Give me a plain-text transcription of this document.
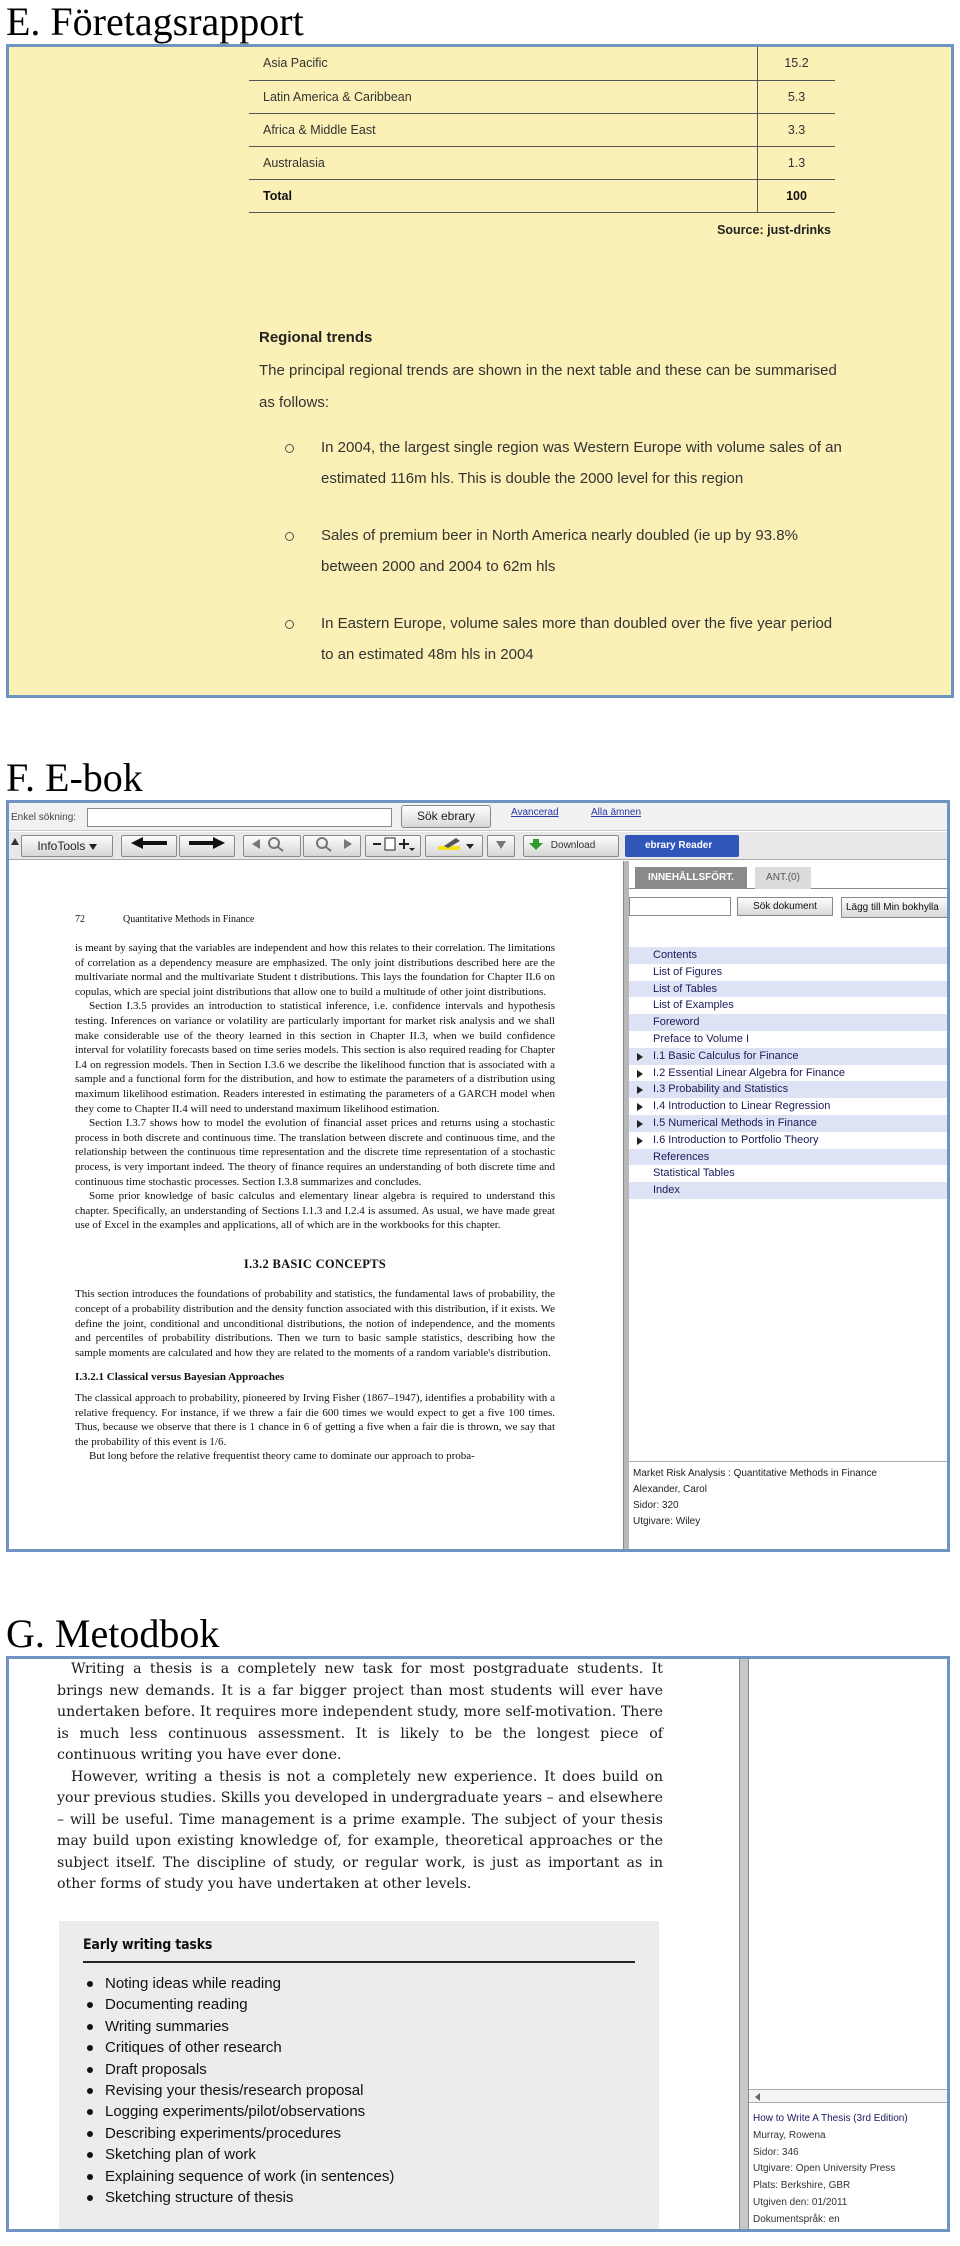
E. Företagsrapport
Asia Pacific	15.2
Latin America & Caribbean	5.3
Africa & Middle East	3.3
Australasia	1.3
Total	100
Source: just-drinks
Regional trends
The principal regional trends are shown in the next table and these can be summarised as follows:
In 2004, the largest single region was Western Europe with volume sales of an estimated 116m hls. This is double the 2000 level for this region
Sales of premium beer in North America nearly doubled (ie up by 93.8% between 2000 and 2004 to 62m hls
In Eastern Europe, volume sales more than doubled over the five year period to an estimated 48m hls in 2004
F. E-bok
Enkel sökning:	Sök ebrary	Avancerad	Alla ämnen
InfoTools	Download	ebrary Reader
72	Quantitative Methods in Finance

is meant by saying that the variables are independent and how this relates to their correlation. The limitations of correlation as a dependency measure are emphasized. The only joint distributions described here are the multivariate normal and the multivariate Student t distributions. This lays the foundation for Chapter II.6 on copulas, which are special joint distributions that allow one to build a multitude of other joint distributions.

Section I.3.5 provides an introduction to statistical inference, i.e. confidence intervals and hypothesis testing. Inferences on variance or volatility are particularly important for market risk analysis and we shall make considerable use of the theory learned in this section in Chapter II.3, when we build confidence interval for volatility forecasts based on time series models. This section is also required reading for Chapter I.4 on regression models. Then in Section I.3.6 we describe the likelihood function that is associated with a sample and a functional form for the distribution, and how to estimate the parameters of a distribution using maximum likelihood estimation. Readers interested in estimating the parameters of a GARCH model when they come to Chapter II.4 will need to understand maximum likelihood estimation.

Section I.3.7 shows how to model the evolution of financial asset prices and returns using a stochastic process in both discrete and continuous time. The translation between discrete and continuous time, and the relationship between the continuous time representation and the discrete time representation of a stochastic process, is very important indeed. The theory of finance requires an understanding of both discrete time and continuous time stochastic processes. Section I.3.8 summarizes and concludes.

Some prior knowledge of basic calculus and elementary linear algebra is required to understand this chapter. Specifically, an understanding of Sections I.1.3 and I.2.4 is assumed. As usual, we have made great use of Excel in the examples and applications, all of which are in the workbooks for this chapter.

I.3.2 BASIC CONCEPTS

This section introduces the foundations of probability and statistics, the fundamental laws of probability, the concept of a probability distribution and the density function associated with this distribution, if it exists. We define the joint, conditional and unconditional distributions, the notion of independence, and the moments and percentiles of probability distributions. Then we turn to basic sample statistics, describing how the sample moments are calculated and how they are related to the moments of a random variable's distribution.

I.3.2.1 Classical versus Bayesian Approaches

The classical approach to probability, pioneered by Irving Fisher (1867–1947), identifies a probability with a relative frequency. For instance, if we threw a fair die 600 times we would expect to get a five 100 times. Thus, because we observe that there is 1 chance in 6 of getting a five when a fair die is thrown, we say that the probability of this event is 1/6.

But long before the relative frequentist theory came to dominate our approach to proba-

INNEHÅLLSFÖRT.	ANT.(0)
Sök dokument	Lägg till Min bokhylla
Contents
List of Figures
List of Tables
List of Examples
Foreword
Preface to Volume I
I.1 Basic Calculus for Finance
I.2 Essential Linear Algebra for Finance
I.3 Probability and Statistics
I.4 Introduction to Linear Regression
I.5 Numerical Methods in Finance
I.6 Introduction to Portfolio Theory
References
Statistical Tables
Index
Market Risk Analysis : Quantitative Methods in Finance
Alexander, Carol
Sidor: 320
Utgivare: Wiley
G. Metodbok

Writing a thesis is a completely new task for most postgraduate students. It brings new demands. It is a far bigger project than most students will ever have undertaken before. It requires more independent study, more self-motivation. There is much less continuous assessment. It is likely to be the longest piece of continuous writing you have ever done.

However, writing a thesis is not a completely new experience. It does build on your previous studies. Skills you developed in undergraduate years – and elsewhere – will be useful. Time management is a prime example. The subject of your thesis may build upon existing knowledge of, for example, theoretical approaches or the subject itself. The discipline of study, or regular work, is just as important as in other forms of study you have undertaken at other levels.

Early writing tasks
Noting ideas while reading
Documenting reading
Writing summaries
Critiques of other research
Draft proposals
Revising your thesis/research proposal
Logging experiments/pilot/observations
Describing experiments/procedures
Sketching plan of work
Explaining sequence of work (in sentences)
Sketching structure of thesis
How to Write A Thesis (3rd Edition)
Murray, Rowena
Sidor: 346
Utgivare: Open University Press
Plats: Berkshire, GBR
Utgiven den: 01/2011
Dokumentspråk: en
